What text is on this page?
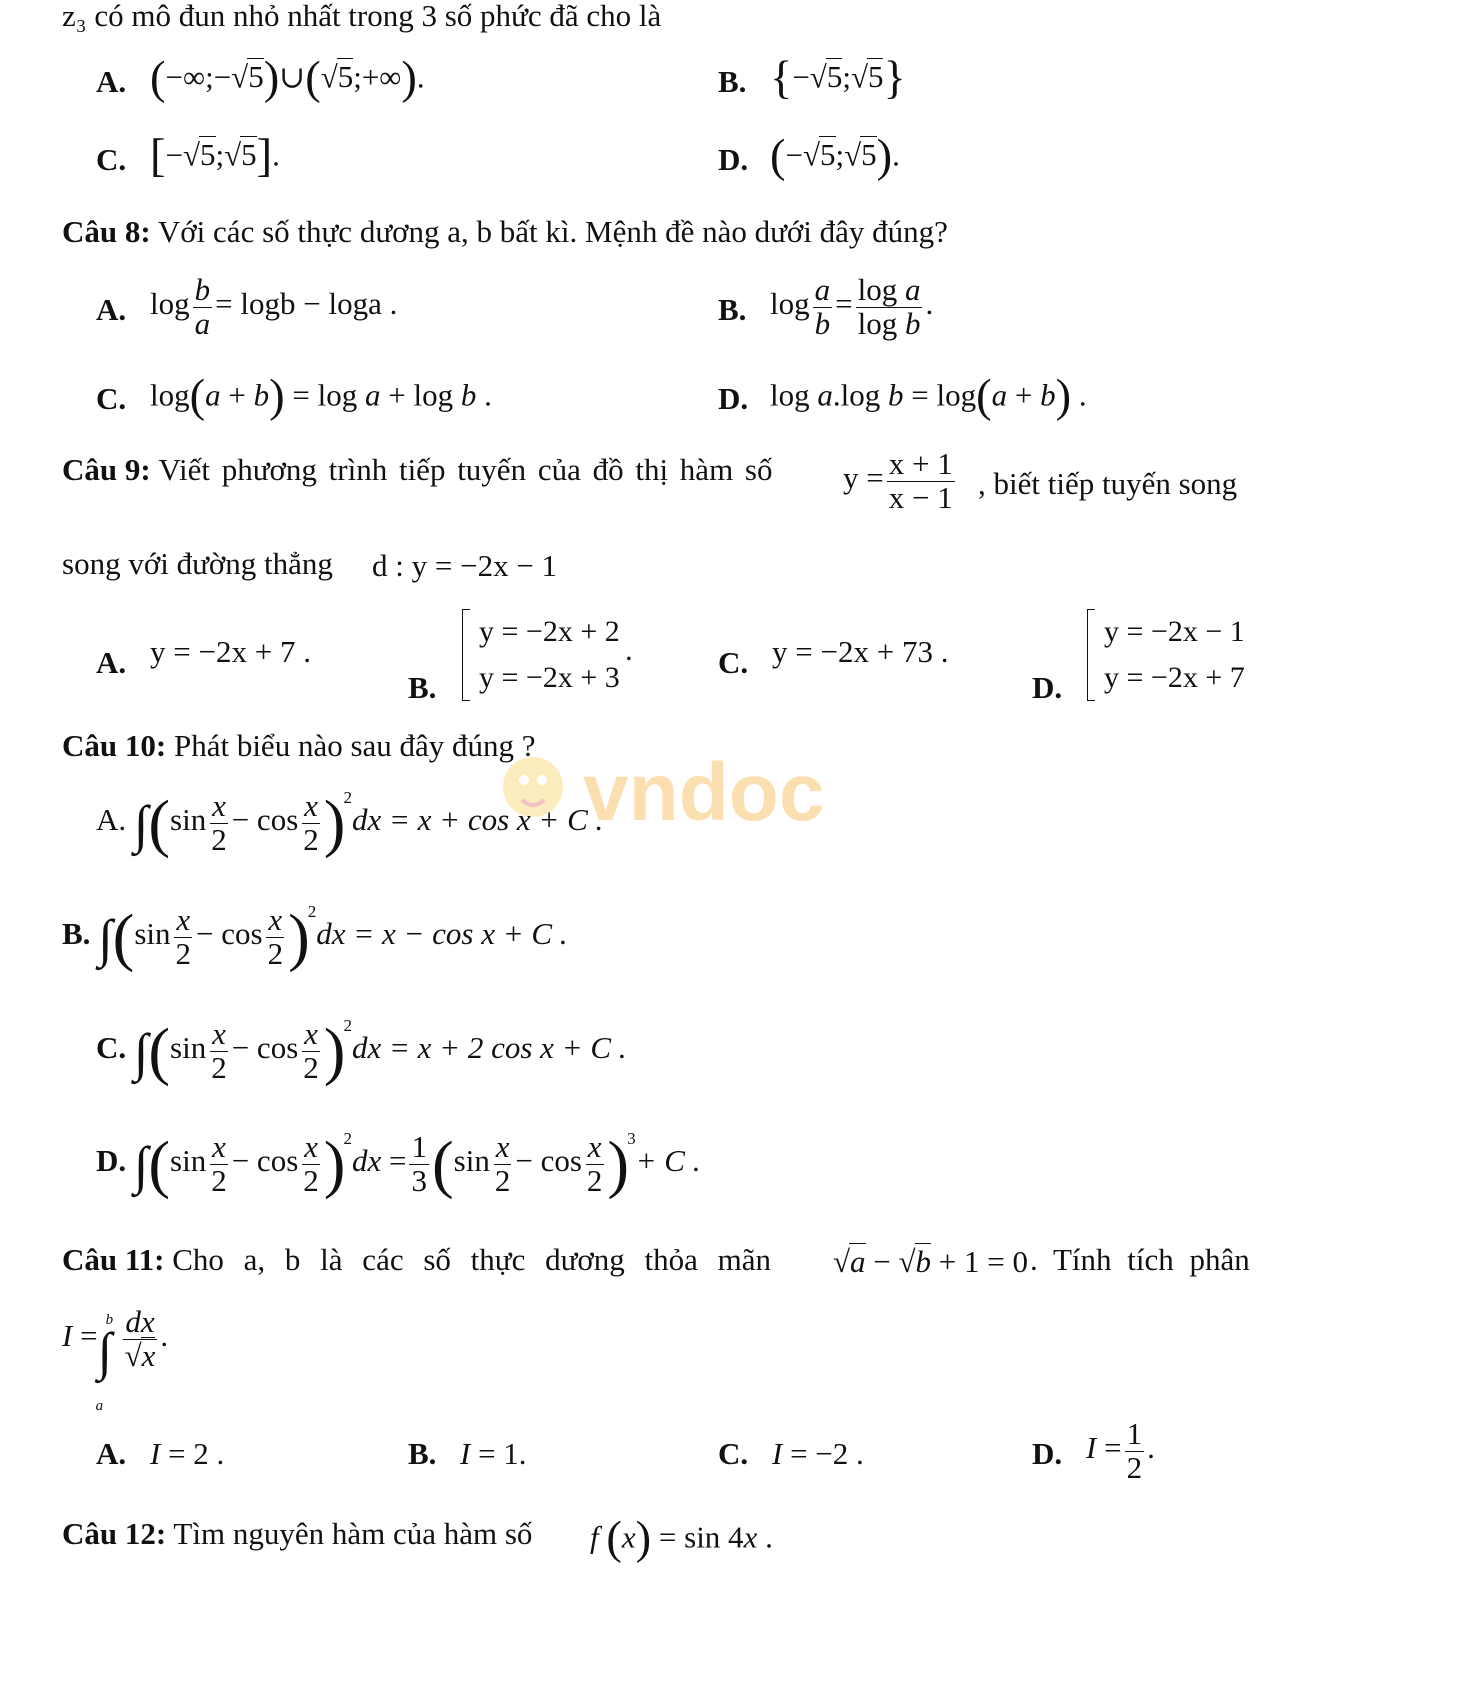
z₃ có mô đun nhỏ nhất trong 3 số phức đã cho là
A. (−∞;−√5)∪(√5;+∞).	B. {−√5;√5}
C. [−√5;√5].	D. (−√5;√5).
Câu 8: Với các số thực dương a, b bất kì. Mệnh đề nào dưới đây đúng?
A. $\log \frac{b}{a} = \log b - \log a$ .	B. $\log \frac{a}{b} = \frac{\text{log a}}{\text{log b}}$ .
C. log(a + b) = log a + log b .	D. log a.log b = log(a + b) .
Câu 9: Viết phương trình tiếp tuyến của đồ thị hàm số	$y = \frac{x + 1}{x - 1}$ , biết tiếp tuyến song
song với đường thẳng d : y = −2x − 1
A. y = −2x + 7 .
B.
y = −2x + 2
y = −2x + 3
.	C. y = −2x + 73 .
D.
y = −2x − 1
y = −2x + 7
Câu 10: Phát biểu nào sau đây đúng ?
vndoc
A. $\int(\sin \frac{x}{2} - \cos \frac{x}{2} )^2dx = x + \cos x + C$ .
B. $\int(\sin \frac{x}{2} - \cos \frac{x}{2} )^2dx = x - \cos x + C$ .
C. $\int(\sin \frac{x}{2} - \cos \frac{x}{2} )^2dx = x + 2$ cos x + C .
D. $\int(\sin \frac{x}{2} - \cos \frac{x}{2} )^2dx = \frac{1}{3} (\sin \frac{x}{2} - \cos \frac{x}{2} )^3+ C$ .
Câu 11: Cho a, b là các số thực dương thỏa mãn √a − √b + 1 = 0 . Tính tích phân
I = ∫
b
a
$\frac{dx}{√x}$ .
A. I = 2 .	B. I = 1.	C. I = −2 .	D. $I = \frac{1}{2}$ .
Câu 12: Tìm nguyên hàm của hàm số f (x) = sin 4x .
